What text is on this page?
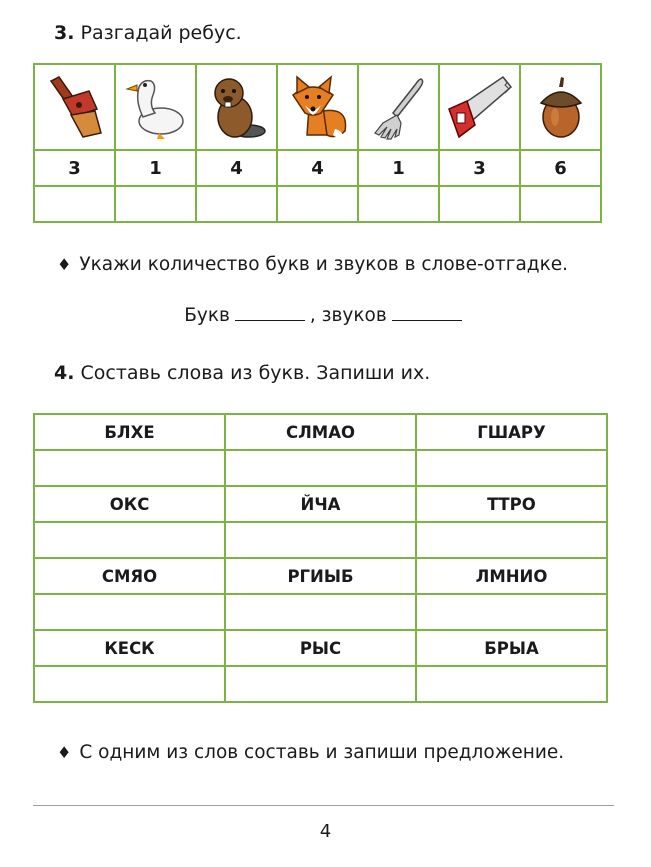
3. Разгадай ребус.

3	1	4	4	1	3	6

♦ Укажи количество букв и звуков в слове-отгадке.
Букв	, звуков
4. Составь слова из букв. Запиши их.
БЛХЕ	СЛМАО	ГШАРУ

ОКС	ЙЧА	ТТРО

СМЯО	РГИЫБ	ЛМНИО

КЕСК	РЫС	БРЫА

♦ С одним из слов составь и запиши предложение.
4
